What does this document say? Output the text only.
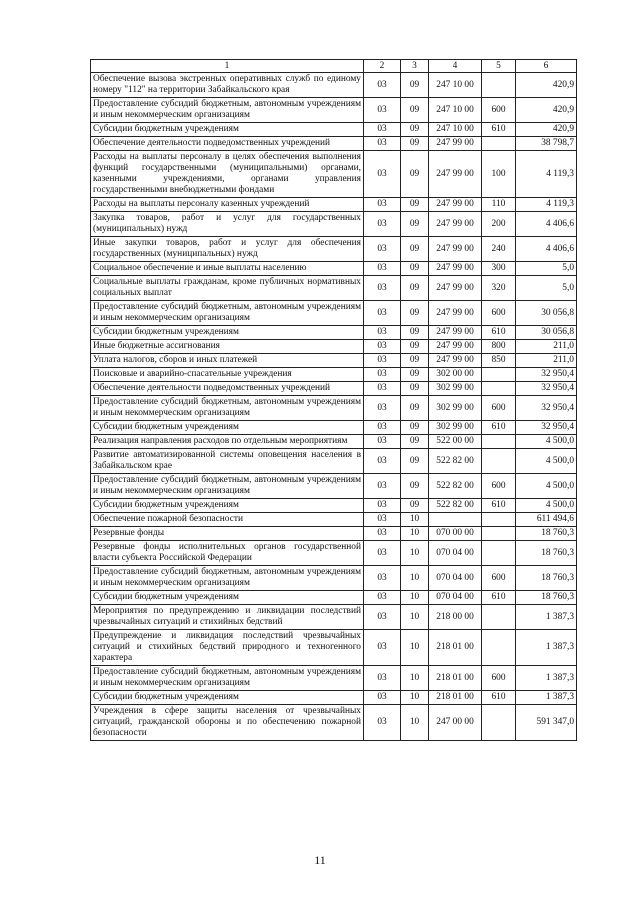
1	2	3	4	5	6
Обеспечение вызова экстренных оперативных служб по единому номеру "112" на территории Забайкальского края	03	09	247 10 00		420,9
Предоставление субсидий бюджетным, автономным учреждениям и иным некоммерческим организациям	03	09	247 10 00	600	420,9
Субсидии бюджетным учреждениям	03	09	247 10 00	610	420,9
Обеспечение деятельности подведомственных учреждений	03	09	247 99 00		38 798,7
Расходы на выплаты персоналу в целях обеспечения выполнения функций государственными (муниципальными) органами, казенными учреждениями, органами управления государственными внебюджетными фондами	03	09	247 99 00	100	4 119,3
Расходы на выплаты персоналу казенных учреждений	03	09	247 99 00	110	4 119,3
Закупка товаров, работ и услуг для государственных (муниципальных) нужд	03	09	247 99 00	200	4 406,6
Иные закупки товаров, работ и услуг для обеспечения государственных (муниципальных) нужд	03	09	247 99 00	240	4 406,6
Социальное обеспечение и иные выплаты населению	03	09	247 99 00	300	5,0
Социальные выплаты гражданам, кроме публичных нормативных социальных выплат	03	09	247 99 00	320	5,0
Предоставление субсидий бюджетным, автономным учреждениям и иным некоммерческим организациям	03	09	247 99 00	600	30 056,8
Субсидии бюджетным учреждениям	03	09	247 99 00	610	30 056,8
Иные бюджетные ассигнования	03	09	247 99 00	800	211,0
Уплата налогов, сборов и иных платежей	03	09	247 99 00	850	211,0
Поисковые и аварийно-спасательные учреждения	03	09	302 00 00		32 950,4
Обеспечение деятельности подведомственных учреждений	03	09	302 99 00		32 950,4
Предоставление субсидий бюджетным, автономным учреждениям и иным некоммерческим организациям	03	09	302 99 00	600	32 950,4
Субсидии бюджетным учреждениям	03	09	302 99 00	610	32 950,4
Реализация направления расходов по отдельным мероприятиям	03	09	522 00 00		4 500,0
Развитие автоматизированной системы оповещения населения в Забайкальском крае	03	09	522 82 00		4 500,0
Предоставление субсидий бюджетным, автономным учреждениям и иным некоммерческим организациям	03	09	522 82 00	600	4 500,0
Субсидии бюджетным учреждениям	03	09	522 82 00	610	4 500,0
Обеспечение пожарной безопасности	03	10			611 494,6
Резервные фонды	03	10	070 00 00		18 760,3
Резервные фонды исполнительных органов государственной власти субъекта Российской Федерации	03	10	070 04 00		18 760,3
Предоставление субсидий бюджетным, автономным учреждениям и иным некоммерческим организациям	03	10	070 04 00	600	18 760,3
Субсидии бюджетным учреждениям	03	10	070 04 00	610	18 760,3
Мероприятия по предупреждению и ликвидации последствий чрезвычайных ситуаций и стихийных бедствий	03	10	218 00 00		1 387,3
Предупреждение и ликвидация последствий чрезвычайных ситуаций и стихийных бедствий природного и техногенного характера	03	10	218 01 00		1 387,3
Предоставление субсидий бюджетным, автономным учреждениям и иным некоммерческим организациям	03	10	218 01 00	600	1 387,3
Субсидии бюджетным учреждениям	03	10	218 01 00	610	1 387,3
Учреждения в сфере защиты населения от чрезвычайных ситуаций, гражданской обороны и по обеспечению пожарной безопасности	03	10	247 00 00		591 347,0
11
